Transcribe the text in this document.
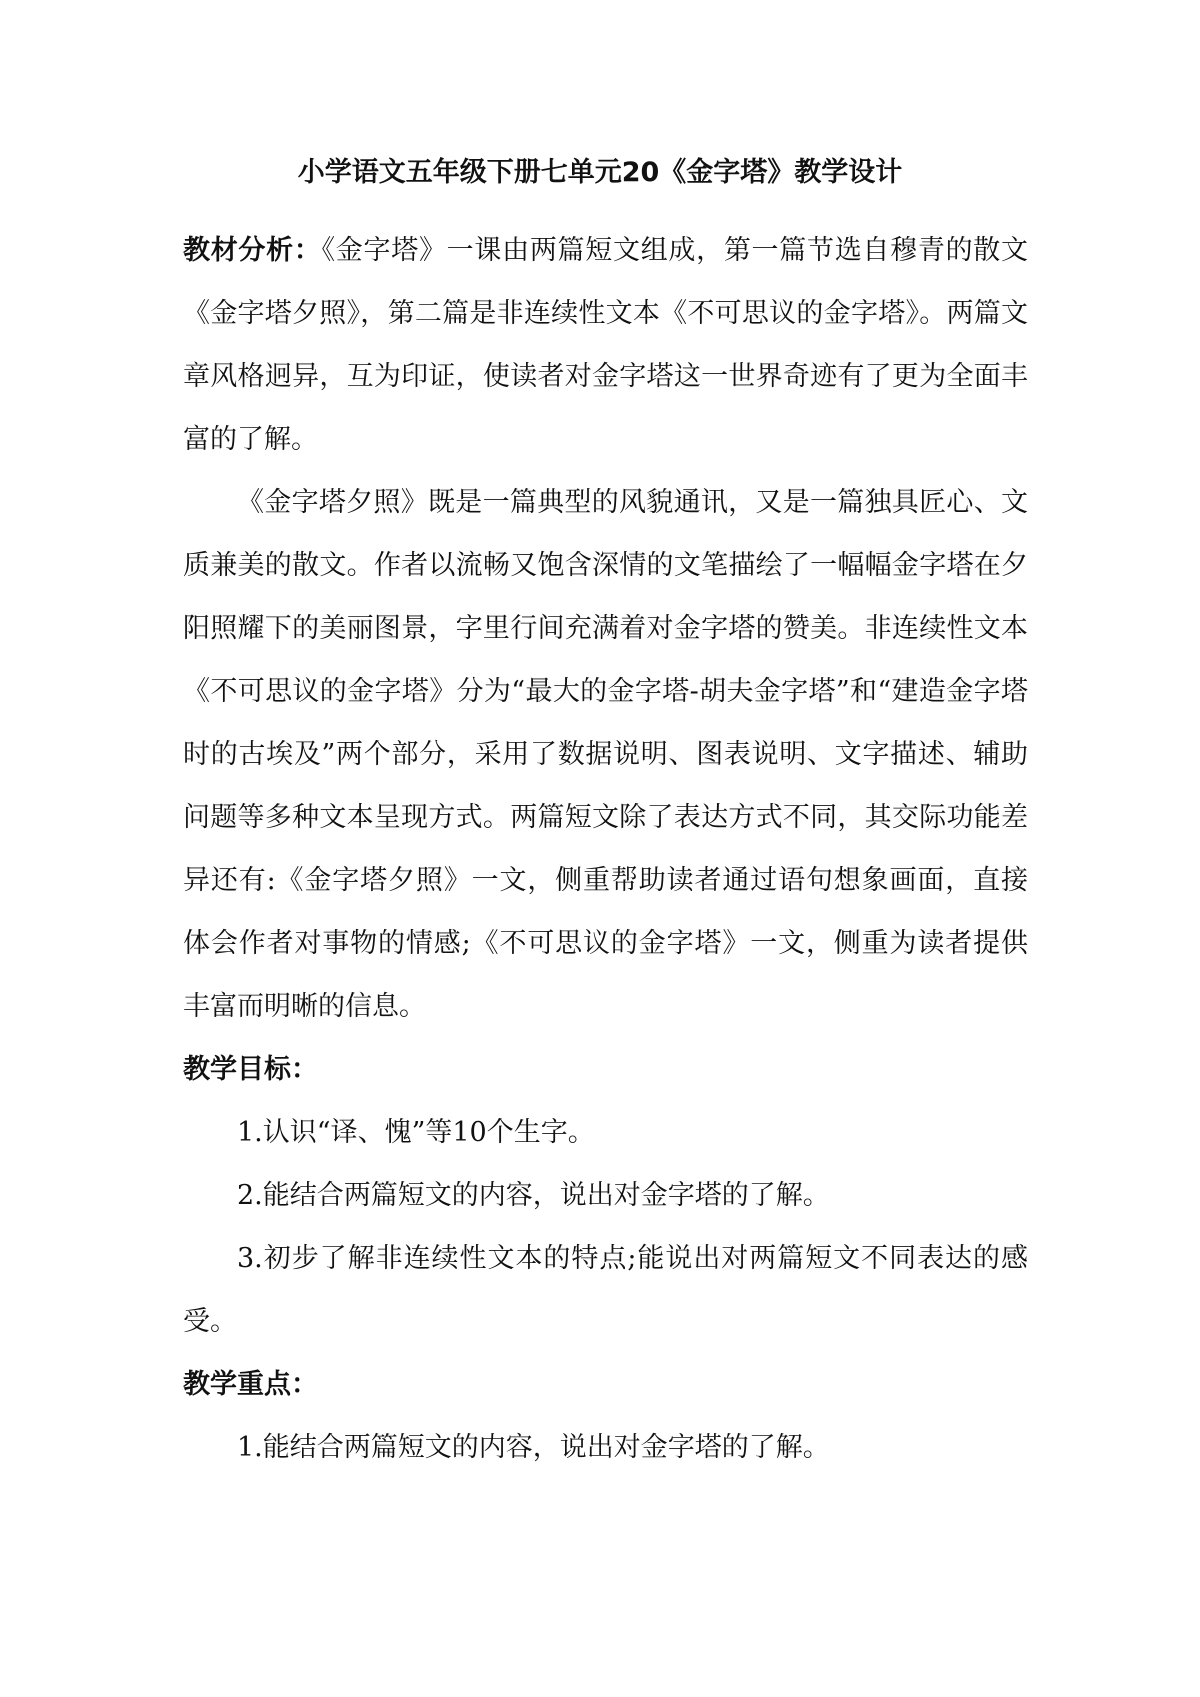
小学语文五年级下册七单元20《金字塔》教学设计

教材分析：《金字塔》一课由两篇短文组成，第一篇节选自穆青的散文《金字塔夕照》，第二篇是非连续性文本《不可思议的金字塔》。两篇文章风格迥异，互为印证，使读者对金字塔这一世界奇迹有了更为全面丰富的了解。

《金字塔夕照》既是一篇典型的风貌通讯，又是一篇独具匠心、文质兼美的散文。作者以流畅又饱含深情的文笔描绘了一幅幅金字塔在夕阳照耀下的美丽图景，字里行间充满着对金字塔的赞美。非连续性文本《不可思议的金字塔》分为“最大的金字塔-胡夫金字塔”和“建造金字塔时的古埃及”两个部分，采用了数据说明、图表说明、文字描述、辅助问题等多种文本呈现方式。两篇短文除了表达方式不同，其交际功能差异还有:《金字塔夕照》一文，侧重帮助读者通过语句想象画面，直接体会作者对事物的情感;《不可思议的金字塔》一文，侧重为读者提供丰富而明晰的信息。

教学目标：

1.认识“译、愧”等10个生字。

2.能结合两篇短文的内容，说出对金字塔的了解。

3.初步了解非连续性文本的特点;能说出对两篇短文不同表达的感受。

教学重点：

1.能结合两篇短文的内容，说出对金字塔的了解。
